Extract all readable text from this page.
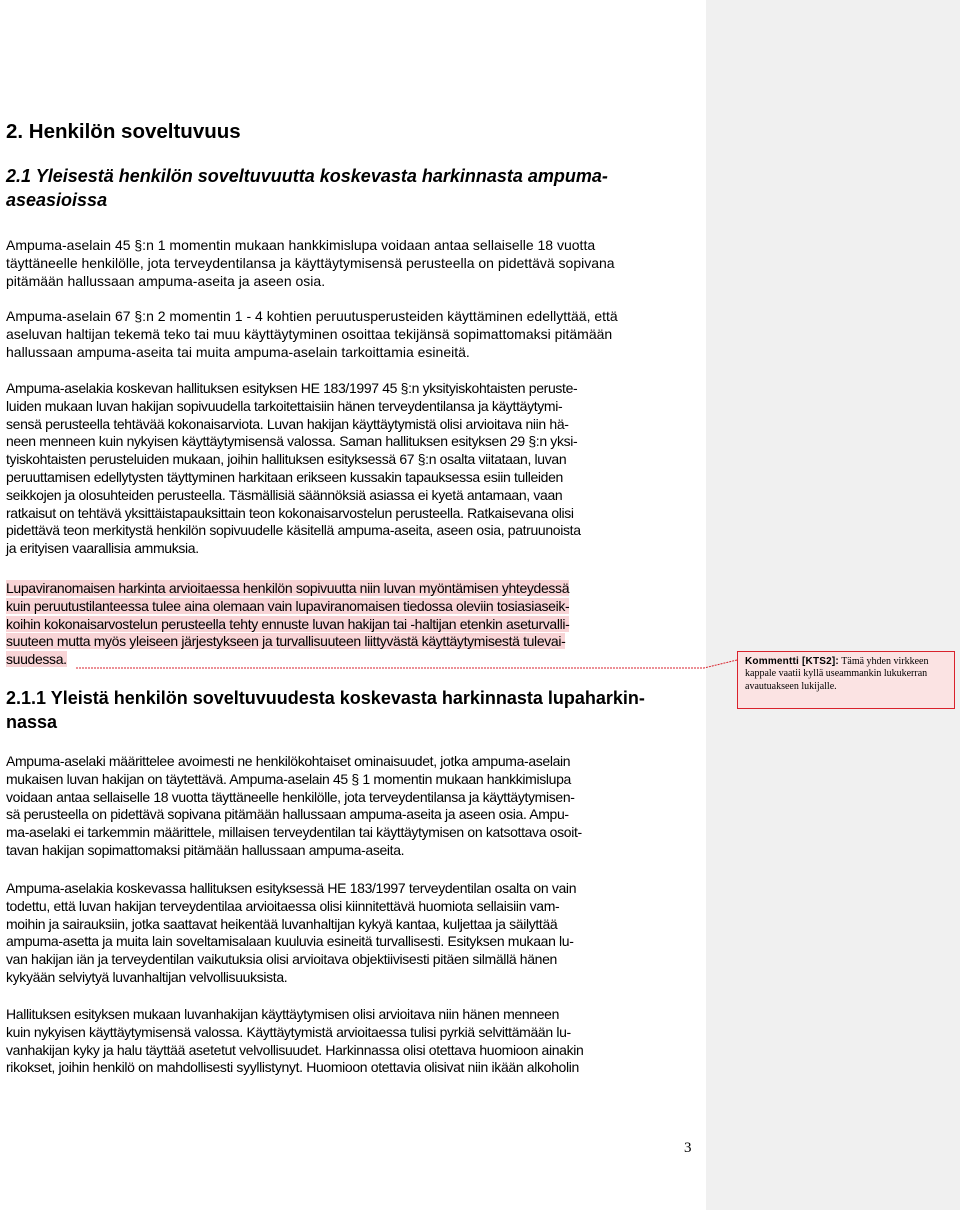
2. Henkilön soveltuvuus
2.1 Yleisestä henkilön soveltuvuutta koskevasta harkinnasta ampuma-
aseasioissa

Ampuma-aselain 45 §:n 1 momentin mukaan hankkimislupa voidaan antaa sellaiselle 18 vuotta
täyttäneelle henkilölle, jota terveydentilansa ja käyttäytymisensä perusteella on pidettävä sopivana
pitämään hallussaan ampuma-aseita ja aseen osia.

Ampuma-aselain 67 §:n 2 momentin 1 - 4 kohtien peruutusperusteiden käyttäminen edellyttää, että
aseluvan haltijan tekemä teko tai muu käyttäytyminen osoittaa tekijänsä sopimattomaksi pitämään
hallussaan ampuma-aseita tai muita ampuma-aselain tarkoittamia esineitä.

Ampuma-aselakia koskevan hallituksen esityksen HE 183/1997 45 §:n yksityiskohtaisten peruste-
luiden mukaan luvan hakijan sopivuudella tarkoitettaisiin hänen terveydentilansa ja käyttäytymi-
sensä perusteella tehtävää kokonaisarviota. Luvan hakijan käyttäytymistä olisi arvioitava niin hä-
neen menneen kuin nykyisen käyttäytymisensä valossa. Saman hallituksen esityksen 29 §:n yksi-
tyiskohtaisten perusteluiden mukaan, joihin hallituksen esityksessä 67 §:n osalta viitataan, luvan
peruuttamisen edellytysten täyttyminen harkitaan erikseen kussakin tapauksessa esiin tulleiden
seikkojen ja olosuhteiden perusteella. Täsmällisiä säännöksiä asiassa ei kyetä antamaan, vaan
ratkaisut on tehtävä yksittäistapauksittain teon kokonaisarvostelun perusteella. Ratkaisevana olisi
pidettävä teon merkitystä henkilön sopivuudelle käsitellä ampuma-aseita, aseen osia, patruunoista
ja erityisen vaarallisia ammuksia.

Lupaviranomaisen harkinta arvioitaessa henkilön sopivuutta niin luvan myöntämisen yhteydessä
kuin peruutustilanteessa tulee aina olemaan vain lupaviranomaisen tiedossa oleviin tosiasiaseik-
koihin kokonaisarvostelun perusteella tehty ennuste luvan hakijan tai -haltijan etenkin aseturvalli-
suuteen mutta myös yleiseen järjestykseen ja turvallisuuteen liittyvästä käyttäytymisestä tulevai-
suudessa.

2.1.1 Yleistä henkilön soveltuvuudesta koskevasta harkinnasta lupaharkin-
nassa

Ampuma-aselaki määrittelee avoimesti ne henkilökohtaiset ominaisuudet, jotka ampuma-aselain
mukaisen luvan hakijan on täytettävä. Ampuma-aselain 45 § 1 momentin mukaan hankkimislupa
voidaan antaa sellaiselle 18 vuotta täyttäneelle henkilölle, jota terveydentilansa ja käyttäytymisen-
sä perusteella on pidettävä sopivana pitämään hallussaan ampuma-aseita ja aseen osia. Ampu-
ma-aselaki ei tarkemmin määrittele, millaisen terveydentilan tai käyttäytymisen on katsottava osoit-
tavan hakijan sopimattomaksi pitämään hallussaan ampuma-aseita.

Ampuma-aselakia koskevassa hallituksen esityksessä HE 183/1997 terveydentilan osalta on vain
todettu, että luvan hakijan terveydentilaa arvioitaessa olisi kiinnitettävä huomiota sellaisiin vam-
moihin ja sairauksiin, jotka saattavat heikentää luvanhaltijan kykyä kantaa, kuljettaa ja säilyttää
ampuma-asetta ja muita lain soveltamisalaan kuuluvia esineitä turvallisesti. Esityksen mukaan lu-
van hakijan iän ja terveydentilan vaikutuksia olisi arvioitava objektiivisesti pitäen silmällä hänen
kykyään selviytyä luvanhaltijan velvollisuuksista.

Hallituksen esityksen mukaan luvanhakijan käyttäytymisen olisi arvioitava niin hänen menneen
kuin nykyisen käyttäytymisensä valossa. Käyttäytymistä arvioitaessa tulisi pyrkiä selvittämään lu-
vanhakijan kyky ja halu täyttää asetetut velvollisuudet. Harkinnassa olisi otettava huomioon ainakin
rikokset, joihin henkilö on mahdollisesti syyllistynyt. Huomioon otettavia olisivat niin ikään alkoholin

3
Kommentti [KTS2]: Tämä yhden virkkeen kappale vaatii kyllä useammankin lukukerran avautuakseen lukijalle.
